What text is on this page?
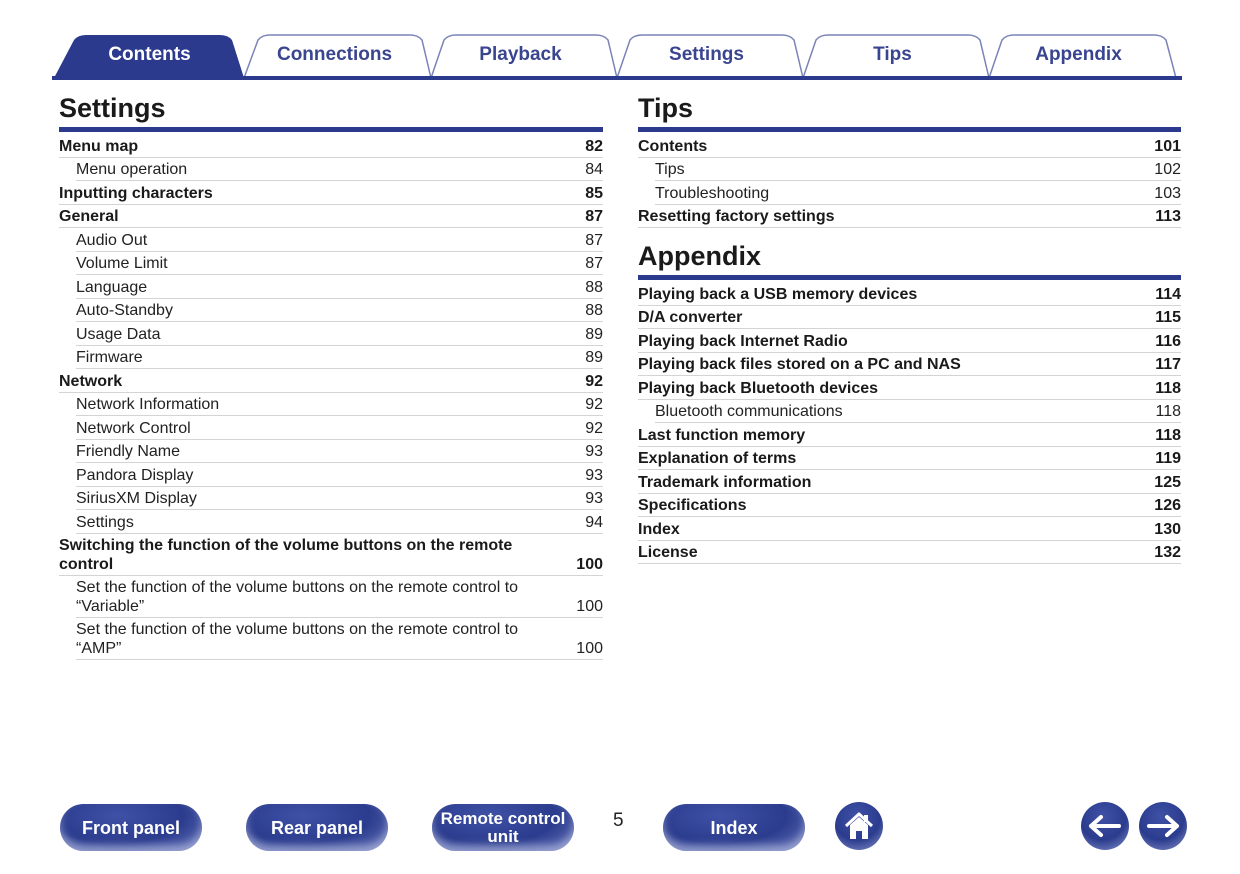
Contents	Connections	Playback	Settings	Tips	Appendix
Settings
Menu map	82
Menu operation	84
Inputting characters	85
General	87
Audio Out	87
Volume Limit	87
Language	88
Auto-Standby	88
Usage Data	89
Firmware	89
Network	92
Network Information	92
Network Control	92
Friendly Name	93
Pandora Display	93
SiriusXM Display	93
Settings	94
Switching the function of the volume buttons on the remote control	100
Set the function of the volume buttons on the remote control to “Variable”	100
Set the function of the volume buttons on the remote control to “AMP”	100
Tips
Contents	101
Tips	102
Troubleshooting	103
Resetting factory settings	113
Appendix
Playing back a USB memory devices	114
D/A converter	115
Playing back Internet Radio	116
Playing back files stored on a PC and NAS	117
Playing back Bluetooth devices	118
Bluetooth communications	118
Last function memory	118
Explanation of terms	119
Trademark information	125
Specifications	126
Index	130
License	132
Front panel	Rear panel	Remote control
unit
5	Index
